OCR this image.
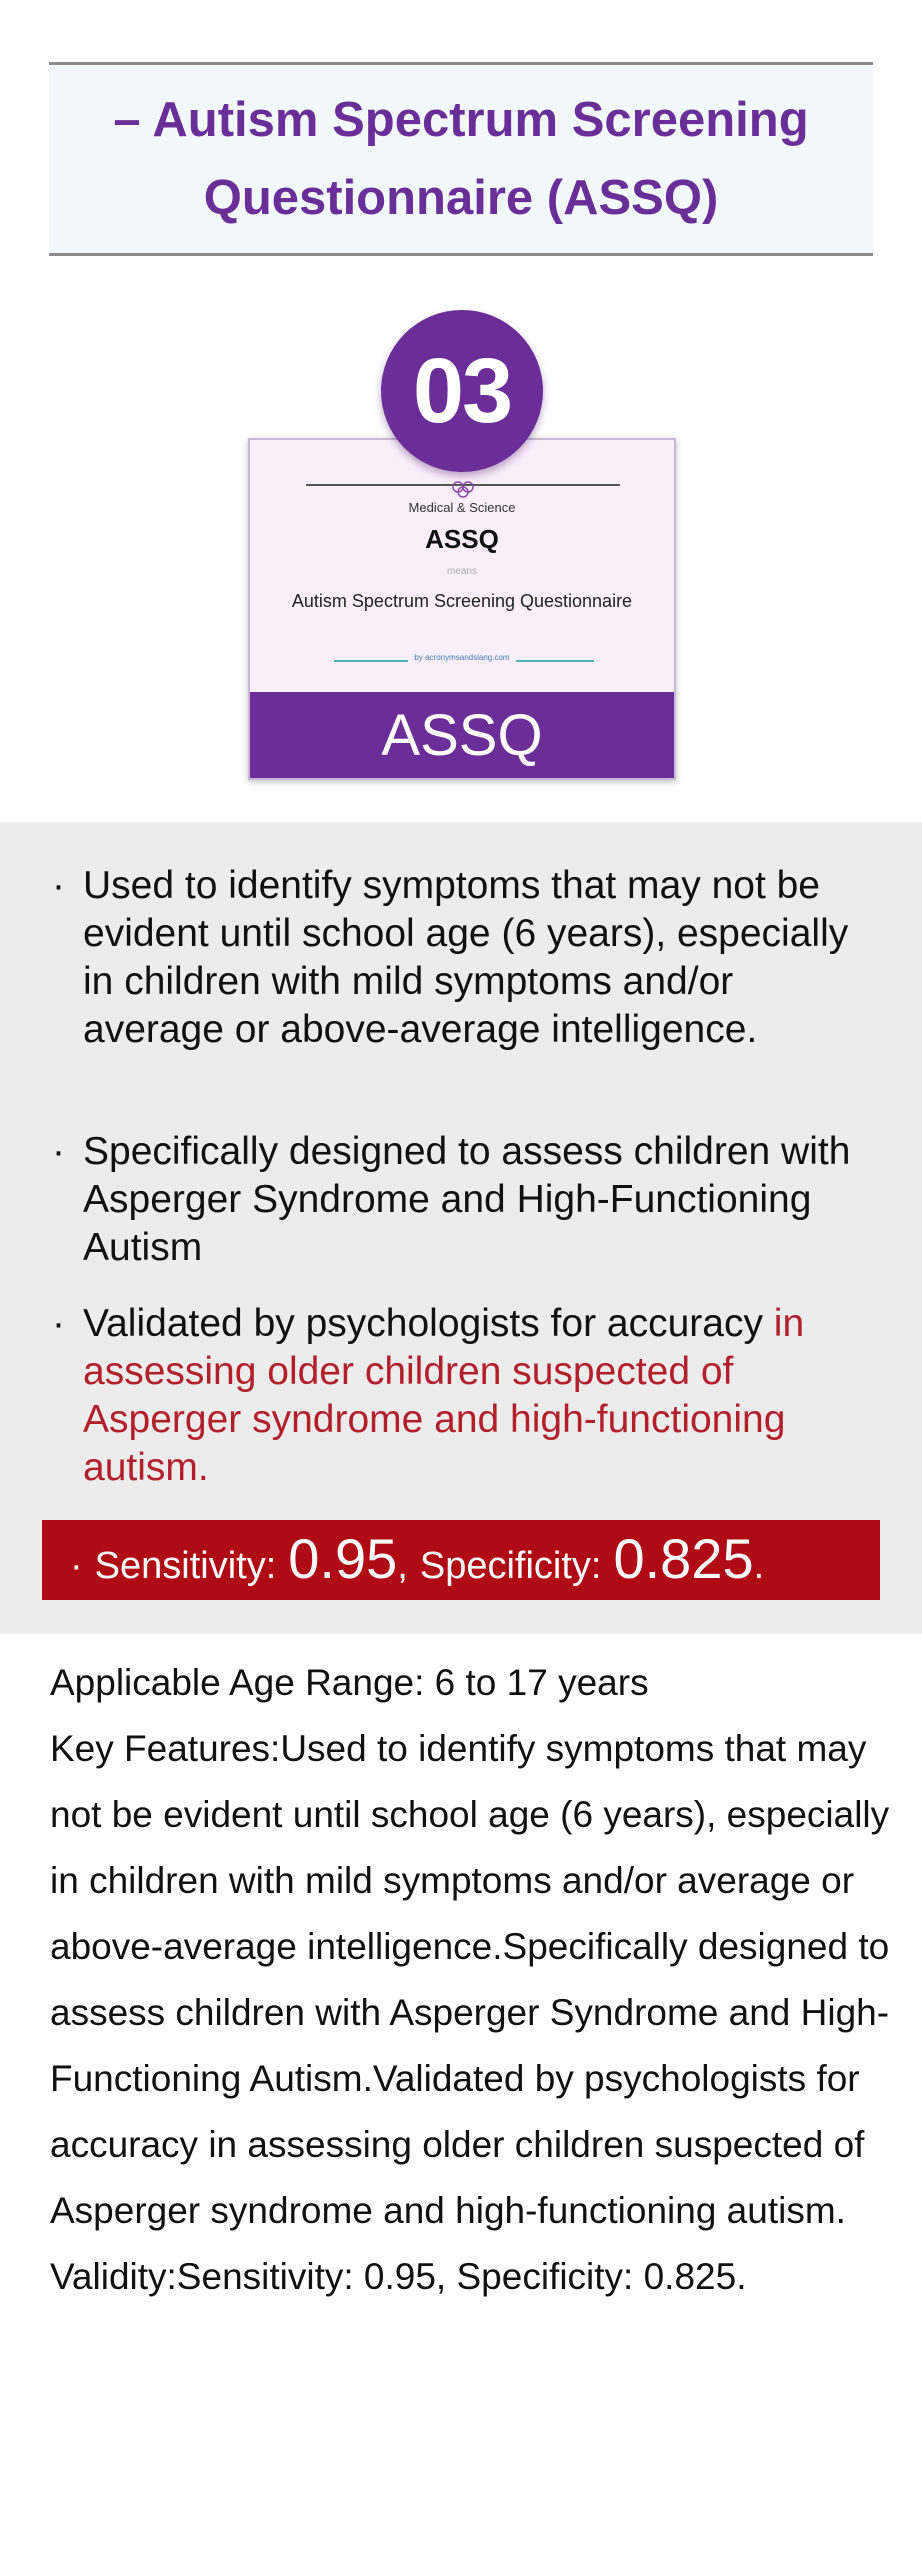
– Autism Spectrum Screening Questionnaire (ASSQ)
03
Medical & Science
ASSQ
means
Autism Spectrum Screening Questionnaire
by acronymsandslang.com
ASSQ
· Used to identify symptoms that may not be evident until school age (6 years), especially in children with mild symptoms and/or average or above-average intelligence.
· Specifically designed to assess children with Asperger Syndrome and High-Functioning Autism
· Validated by psychologists for accuracy in assessing older children suspected of Asperger syndrome and high-functioning autism.
· Sensitivity: 0.95 , Specificity: 0.825 .
Applicable Age Range: 6 to 17 years
Key Features:Used to identify symptoms that may not be evident until school age (6 years), especially in children with mild symptoms and/or average or above-average intelligence.Specifically designed to assess children with Asperger Syndrome and High-Functioning Autism.Validated by psychologists for accuracy in assessing older children suspected of Asperger syndrome and high-functioning autism.
Validity:Sensitivity: 0.95, Specificity: 0.825.
